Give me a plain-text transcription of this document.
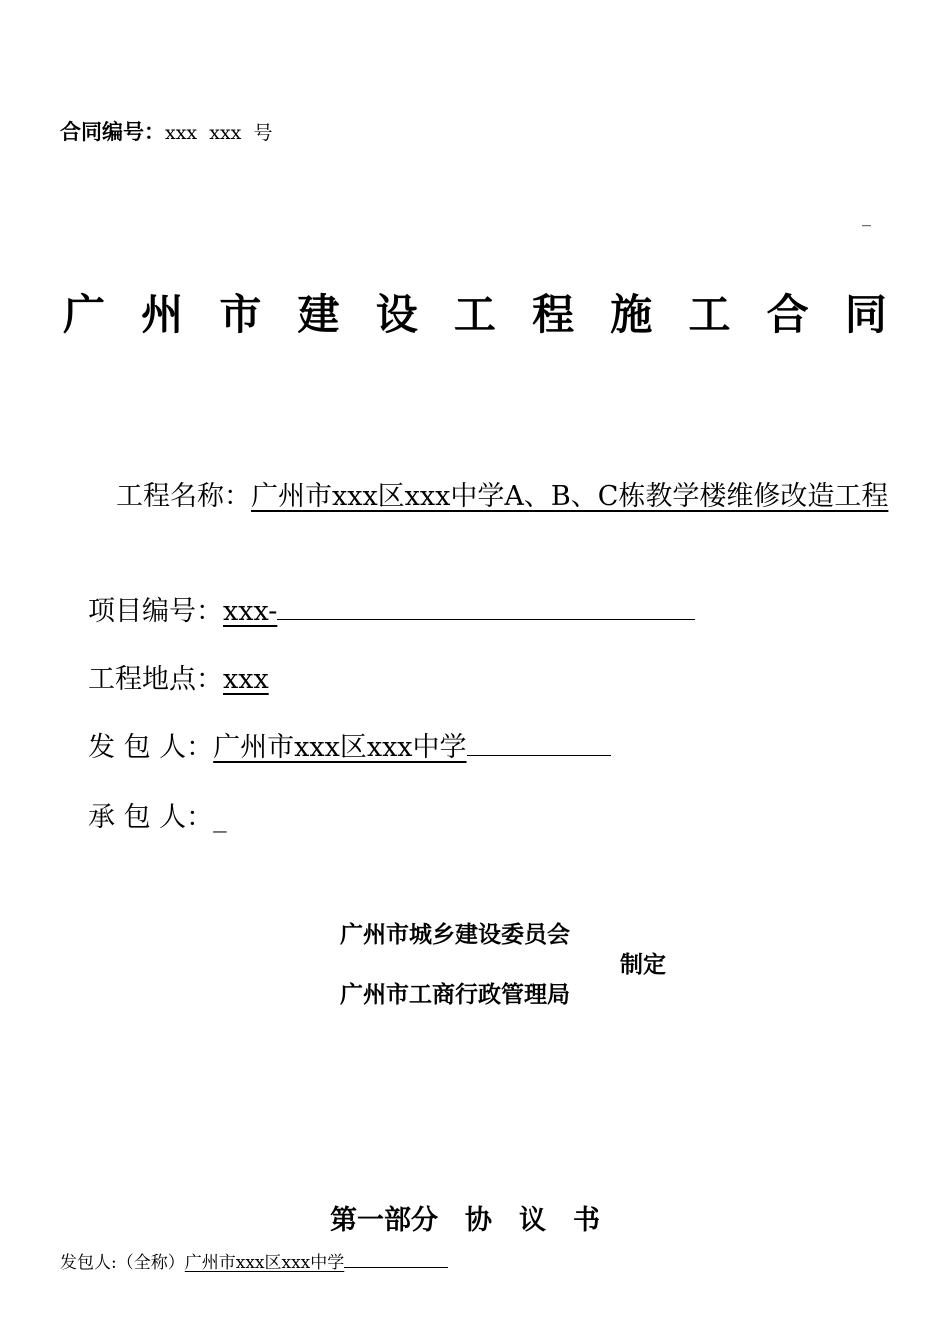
合同编号：xxx  xxx  号
_
广 州 市 建 设 工 程 施 工 合 同
工程名称：广州市xxx区xxx中学A、B、C栋教学楼维修改造工程
项目编号：xxx-
工程地点：xxx
发 包 人：广州市xxx区xxx中学
承 包 人：_
广州市城乡建设委员会
制定
广州市工商行政管理局
第一部分　协　议　书
发包人:（全称）广州市xxx区xxx中学
